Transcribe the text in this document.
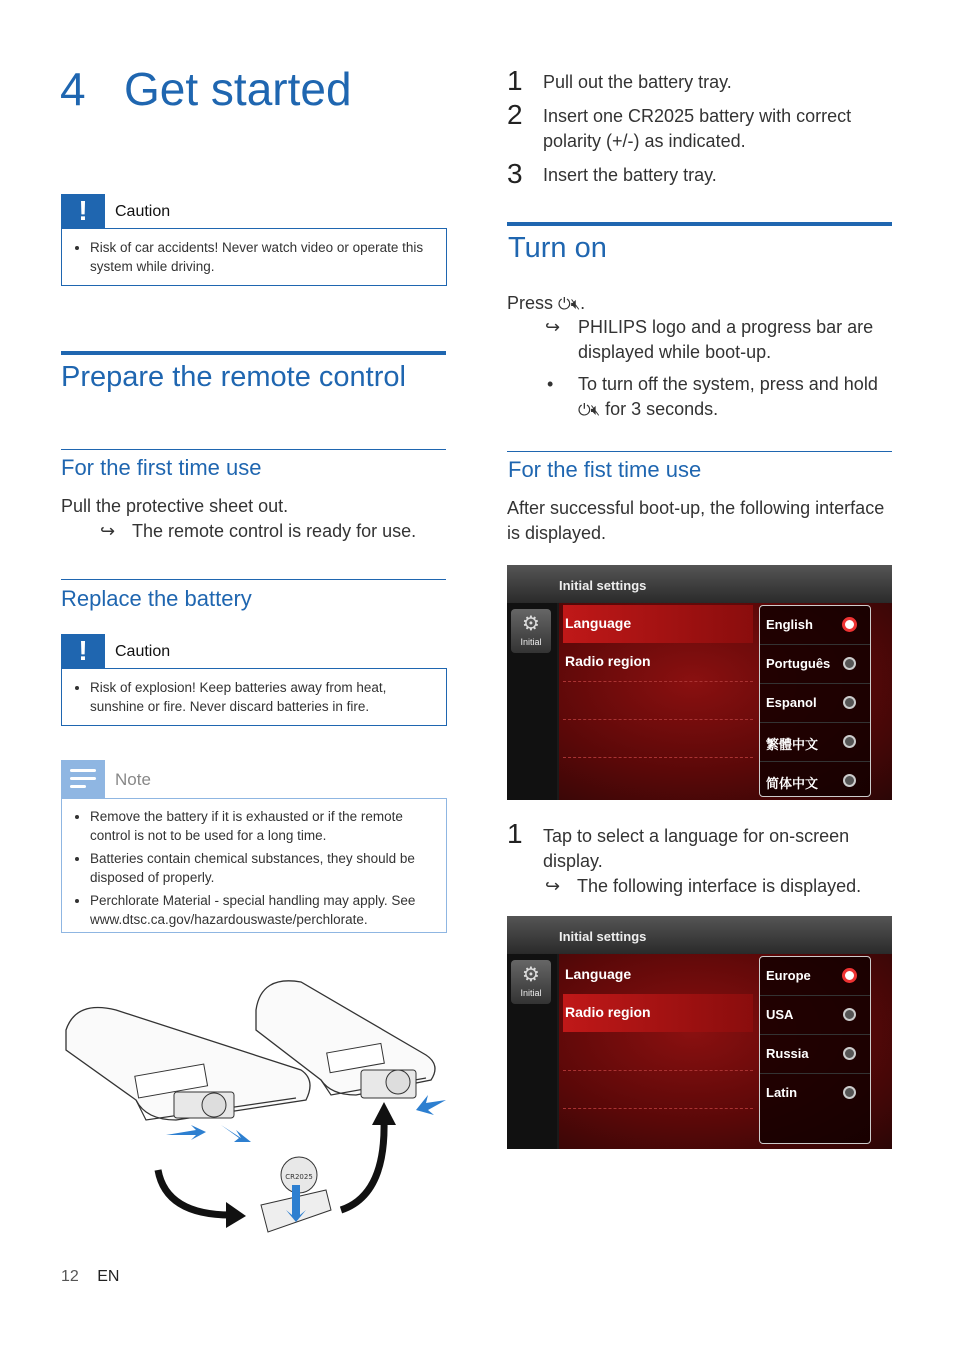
4 Get started
!	Caution
• Risk of car accidents! Never watch video or operate this system while driving.
Prepare the remote control
For the first time use
Pull the protective sheet out.
↪ The remote control is ready for use.
Replace the battery
!	Caution
• Risk of explosion! Keep batteries away from heat, sunshine or fire. Never discard batteries in fire.
Note
• Remove the battery if it is exhausted or if the remote control is not to be used for a long time.
• Batteries contain chemical substances, they should be disposed of properly.
• Perchlorate Material - special handling may apply. See www.dtsc.ca.gov/hazardouswaste/perchlorate.
CR2025
1 Pull out the battery tray.
2 Insert one CR2025 battery with correct polarity (+/-) as indicated.
3 Insert the battery tray.
Turn on
Press ⏻🔇︎.
↪ PHILIPS logo and a progress bar are displayed while boot-up.
• To turn off the system, press and hold
⏻🔇︎ for 3 seconds.
For the fist time use
After successful boot-up, the following interface is displayed.
Initial settings
⚙
Initial
Language
Radio region
English
Português
Espanol
繁體中文
简体中文
1 Tap to select a language for on-screen display.
↪ The following interface is displayed.
Initial settings
⚙
Initial
Language
Radio region
Europe
USA
Russia
Latin
12 EN
